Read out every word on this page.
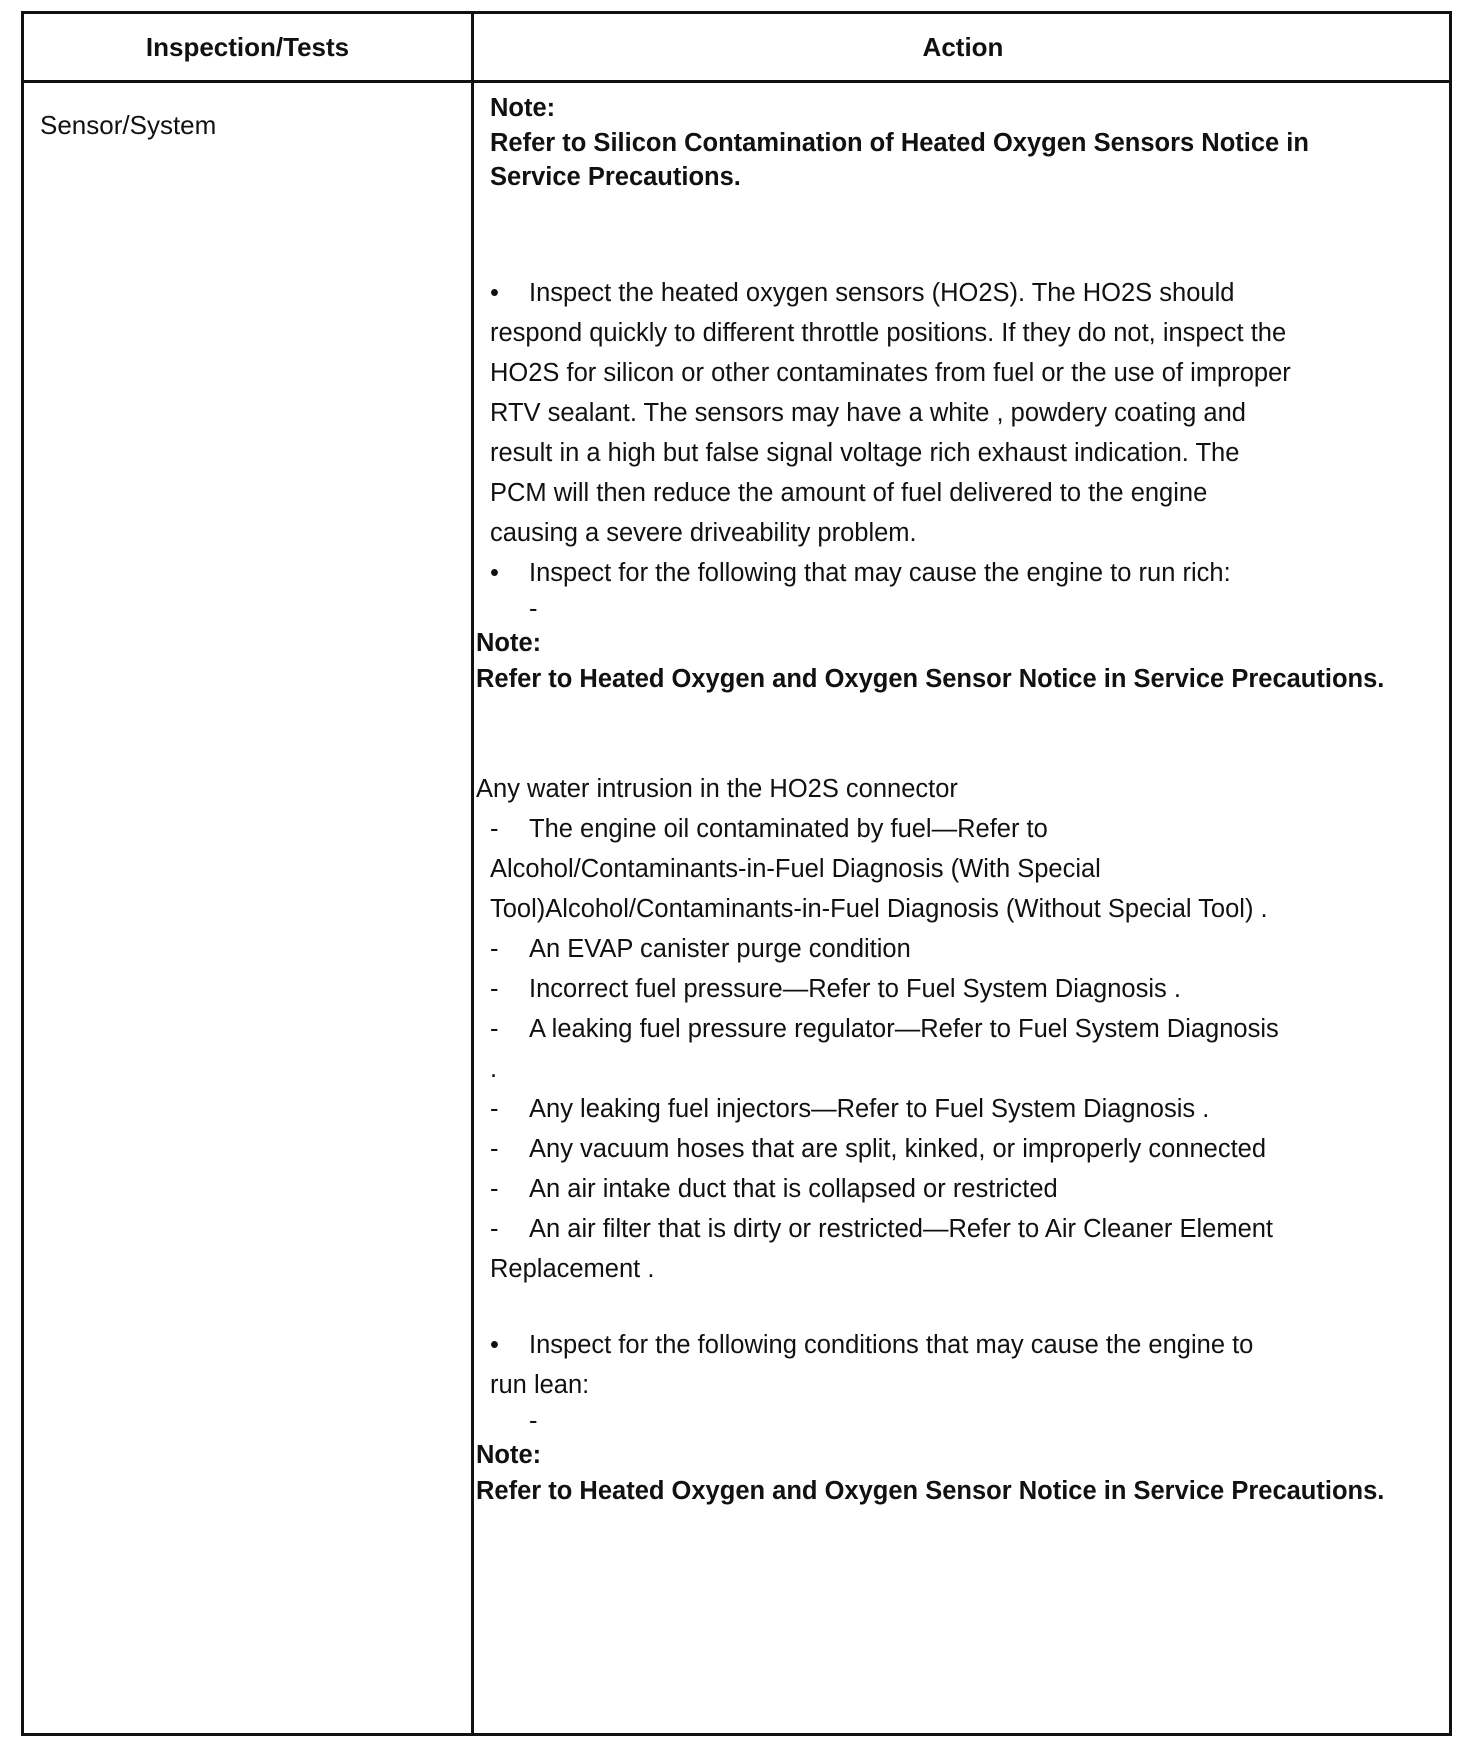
Inspection/Tests	Action
Sensor/System
Note:
Refer to Silicon Contamination of Heated Oxygen Sensors Notice in
Service Precautions.
• Inspect the heated oxygen sensors (HO2S). The HO2S should
respond quickly to different throttle positions. If they do not, inspect the
HO2S for silicon or other contaminates from fuel or the use of improper
RTV sealant. The sensors may have a white , powdery coating and
result in a high but false signal voltage rich exhaust indication. The
PCM will then reduce the amount of fuel delivered to the engine
causing a severe driveability problem.
• Inspect for the following that may cause the engine to run rich:
-
Note:
Refer to Heated Oxygen and Oxygen Sensor Notice in Service Precautions.
Any water intrusion in the HO2S connector
- The engine oil contaminated by fuel—Refer to
Alcohol/Contaminants-in-Fuel Diagnosis (With Special
Tool)Alcohol/Contaminants-in-Fuel Diagnosis (Without Special Tool) .
- An EVAP canister purge condition
- Incorrect fuel pressure—Refer to Fuel System Diagnosis .
- A leaking fuel pressure regulator—Refer to Fuel System Diagnosis
.
- Any leaking fuel injectors—Refer to Fuel System Diagnosis .
- Any vacuum hoses that are split, kinked, or improperly connected
- An air intake duct that is collapsed or restricted
- An air filter that is dirty or restricted—Refer to Air Cleaner Element
Replacement .
• Inspect for the following conditions that may cause the engine to
run lean:
-
Note:
Refer to Heated Oxygen and Oxygen Sensor Notice in Service Precautions.
